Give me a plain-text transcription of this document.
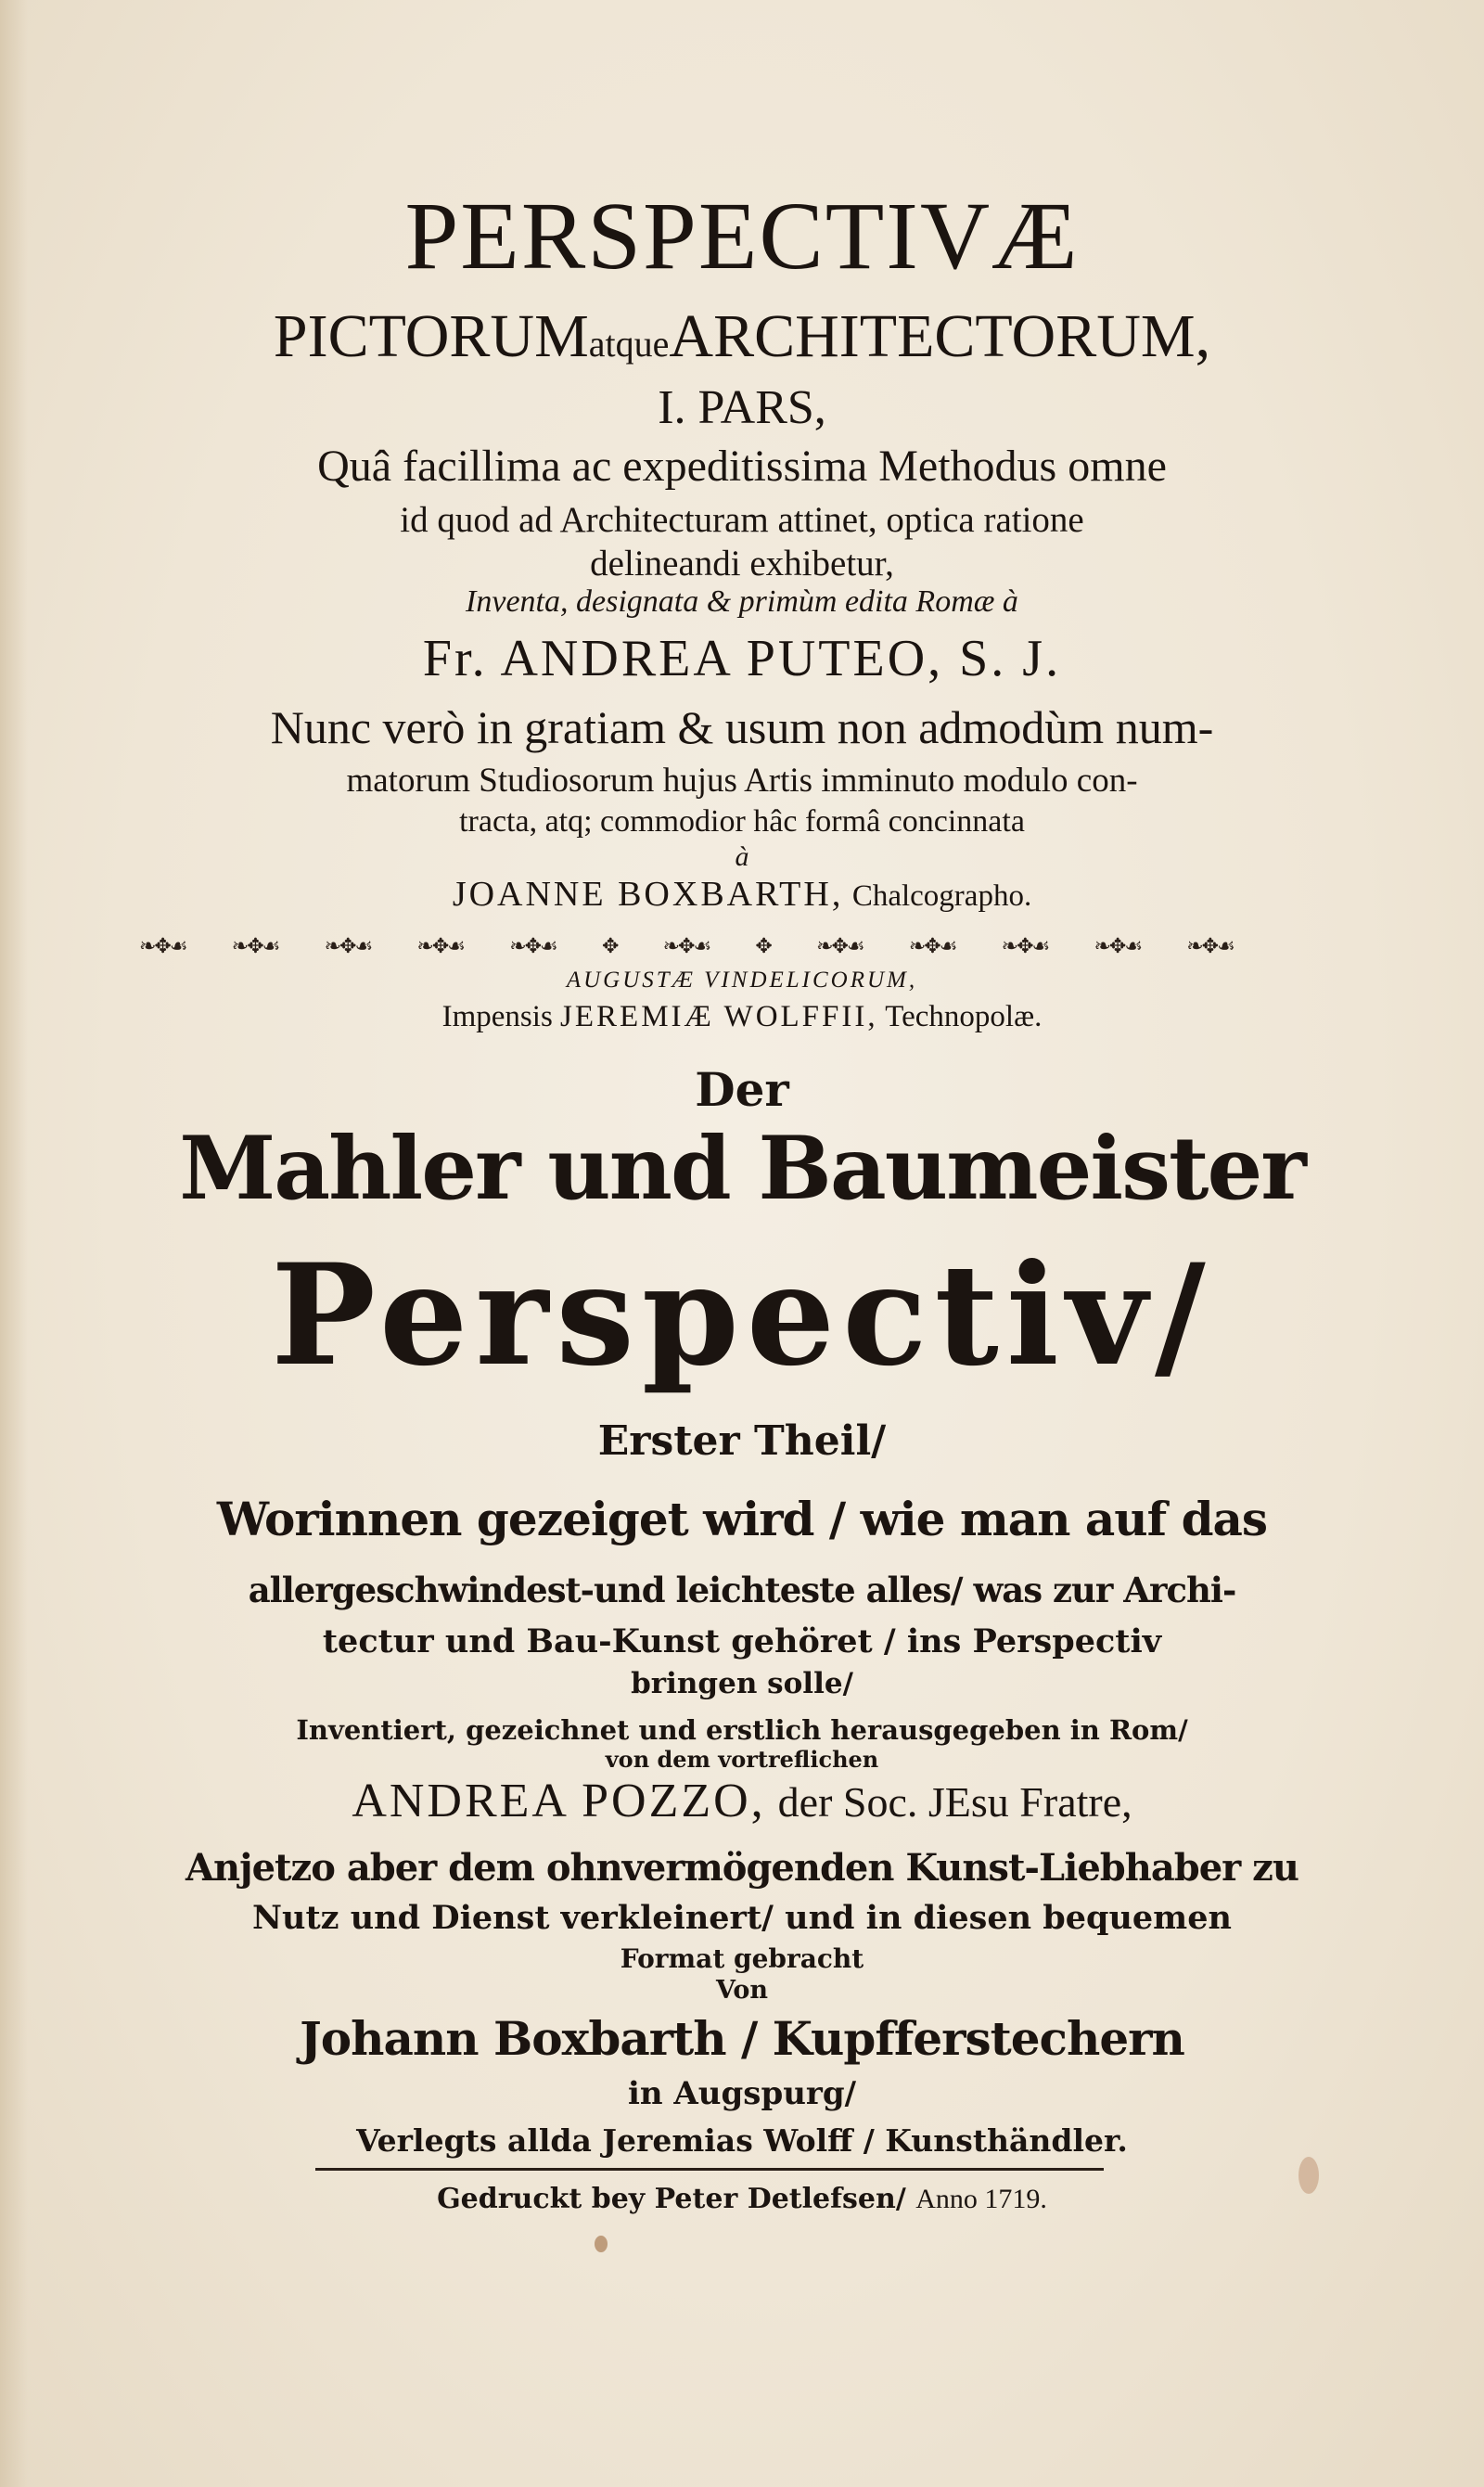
PERSPECTIVÆ
PICTORUMatqueARCHITECTORUM,
I. PARS,
Quâ facillima ac expeditissima Methodus omne
id quod ad Architecturam attinet, optica ratione
delineandi exhibetur,
Inventa, designata & primùm edita Romæ à
Fr. ANDREA PUTEO, S. J.
Nunc verò in gratiam & usum non admodùm num-
matorum Studiosorum hujus Artis imminuto modulo con-
tracta, atq; commodior hâc formâ concinnata
à
JOANNE BOXBARTH, Chalcographo.
❧✥☙ ❧✥☙ ❧✥☙ ❧✥☙ ❧✥☙ ✥ ❧✥☙ ✥ ❧✥☙ ❧✥☙ ❧✥☙ ❧✥☙ ❧✥☙
AUGUSTÆ VINDELICORUM,
Impensis JEREMIÆ WOLFFII, Technopolæ.
Der
Mahler und Baumeister
Perspectiv/
Erster Theil/
Worinnen gezeiget wird / wie man auf das
allergeschwindest-und leichteste alles/ was zur Archi-
tectur und Bau-Kunst gehöret / ins Perspectiv
bringen solle/
Inventiert, gezeichnet und erstlich herausgegeben in Rom/
von dem vortreflichen
ANDREA POZZO, der Soc. JEsu Fratre,
Anjetzo aber dem ohnvermögenden Kunst-Liebhaber zu
Nutz und Dienst verkleinert/ und in diesen bequemen
Format gebracht
Von
Johann Boxbarth / Kupfferstechern
in Augspurg/
Verlegts allda Jeremias Wolff / Kunsthändler.
Gedruckt bey Peter Detlefsen/ Anno 1719.
